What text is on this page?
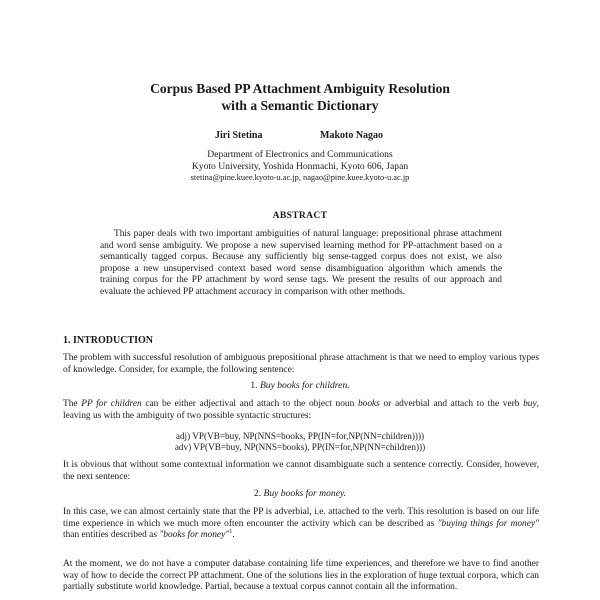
Corpus Based PP Attachment Ambiguity Resolution
with a Semantic Dictionary
Jiri Stetina	Makoto Nagao
Department of Electronics and Communications
Kyoto University, Yoshida Honmachi, Kyoto 606, Japan
stetina@pine.kuee.kyoto-u.ac.jp, nagao@pine.kuee.kyoto-u.ac.jp
ABSTRACT
This paper deals with two important ambiguities of natural language: prepositional phrase attachment and word sense ambiguity. We propose a new supervised learning method for PP-attachment based on a semantically tagged corpus. Because any sufficiently big sense-tagged corpus does not exist, we also propose a new unsupervised context based word sense disambiguation algorithm which amends the training corpus for the PP attachment by word sense tags. We present the results of our approach and evaluate the achieved PP attachment accuracy in comparison with other methods.
1. INTRODUCTION
The problem with successful resolution of ambiguous prepositional phrase attachment is that we need to employ various types of knowledge. Consider, for example, the following sentence:
1. Buy books for children.
The PP for children can be either adjectival and attach to the object noun books or adverbial and attach to the verb buy, leaving us with the ambiguity of two possible syntactic structures:
adj) VP(VB=buy, NP(NNS=books, PP(IN=for,NP(NN=children))))
adv) VP(VB=buy, NP(NNS=books), PP(IN=for,NP(NN=children)))
It is obvious that without some contextual information we cannot disambiguate such a sentence correctly. Consider, however, the next sentence:
2. Buy books for money.
In this case, we can almost certainly state that the PP is adverbial, i.e. attached to the verb. This resolution is based on our life time experience in which we much more often encounter the activity which can be described as "buying things for money" than entities described as "books for money"$^1$.
At the moment, we do not have a computer database containing life time experiences, and therefore we have to find another way of how to decide the correct PP attachment. One of the solutions lies in the exploration of huge textual corpora, which can partially substitute world knowledge. Partial, because a textual corpus cannot contain all the information.
